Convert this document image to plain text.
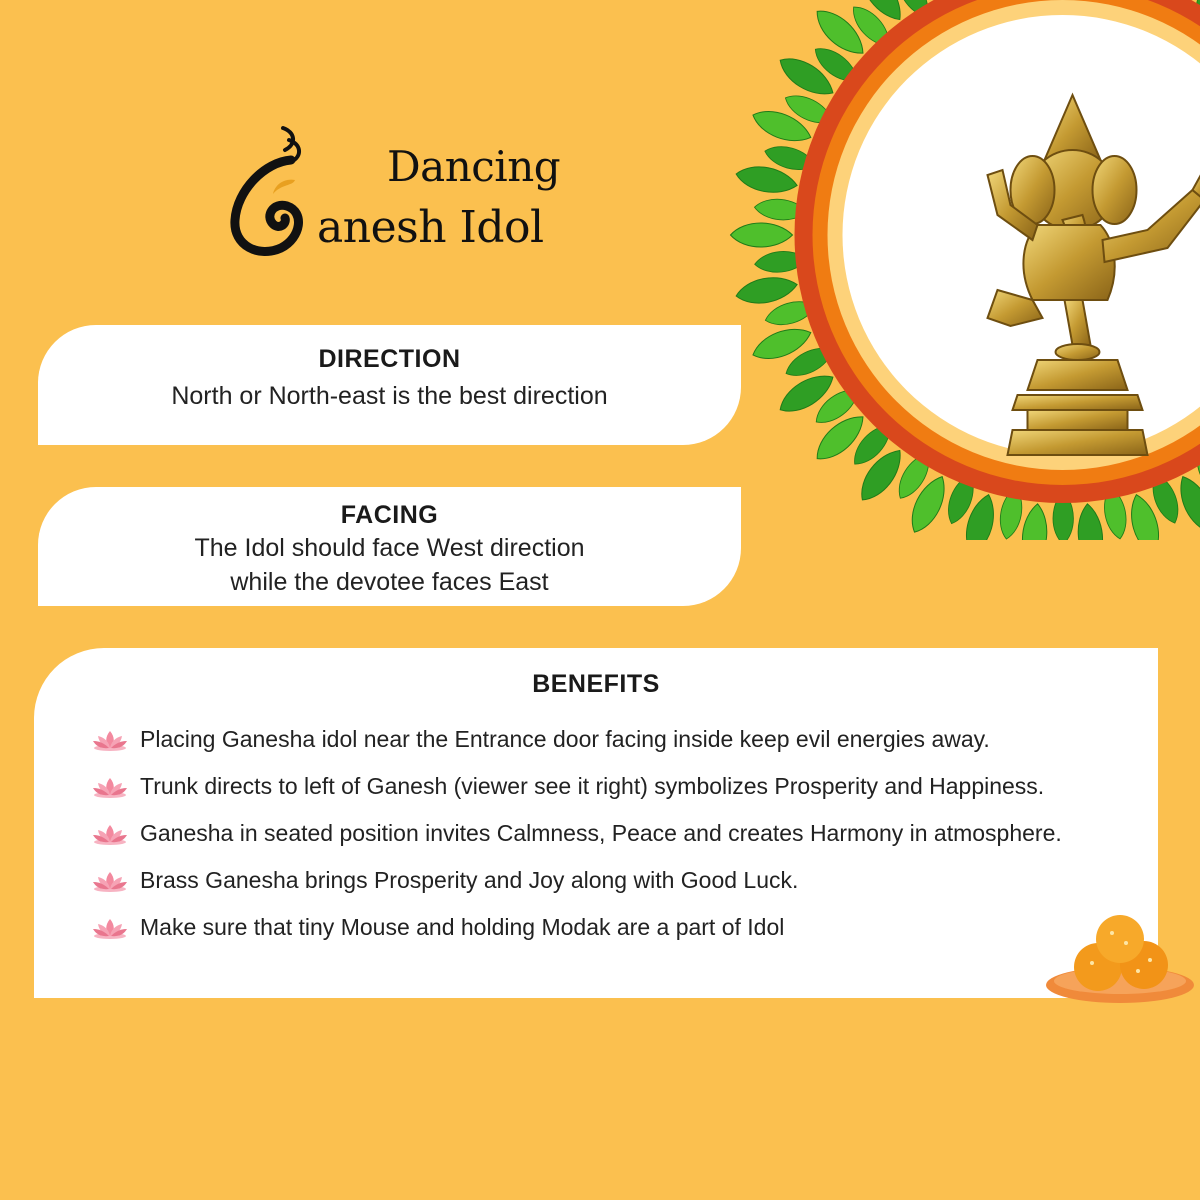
Dancing
anesh Idol
DIRECTION
North or North-east is the best direction
FACING
The Idol should face West direction
while the devotee faces East
BENEFITS
Placing Ganesha idol near the Entrance door facing inside keep evil energies away.
Trunk directs to left of Ganesh (viewer see it right) symbolizes Prosperity and Happiness.
Ganesha in seated position invites Calmness, Peace and creates Harmony in atmosphere.
Brass Ganesha brings Prosperity and Joy along with Good Luck.
Make sure that tiny Mouse and holding Modak are a part of Idol
